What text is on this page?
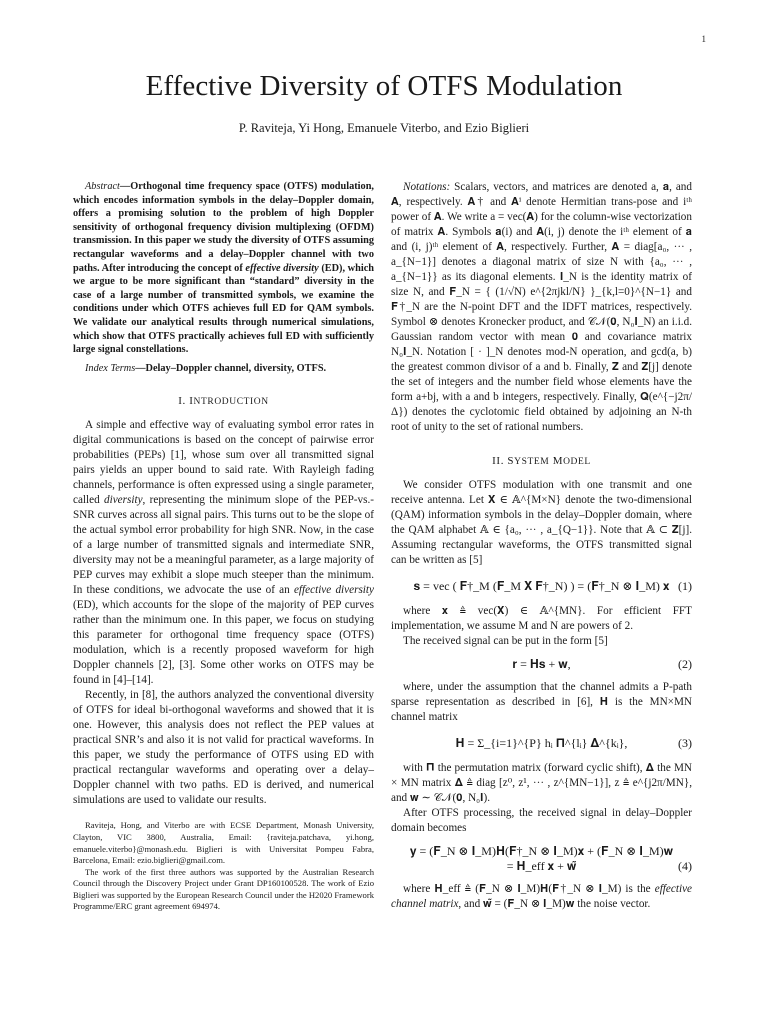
1
Effective Diversity of OTFS Modulation
P. Raviteja, Yi Hong, Emanuele Viterbo, and Ezio Biglieri

Abstract—Orthogonal time frequency space (OTFS) modulation, which encodes information symbols in the delay–Doppler domain, offers a promising solution to the problem of high Doppler sensitivity of orthogonal frequency division multiplexing (OFDM) transmission. In this paper we study the diversity of OTFS assuming rectangular waveforms and a delay–Doppler channel with two paths. After introducing the concept of effective diversity (ED), which we argue to be more significant than “standard” diversity in the case of a large number of transmitted symbols, we examine the conditions under which OTFS achieves full ED for QAM symbols. We validate our analytical results through numerical simulations, which show that OTFS practically achieves full ED with sufficiently large signal constellations.

Index Terms—Delay–Doppler channel, diversity, OTFS.

I. INTRODUCTION

A simple and effective way of evaluating symbol error rates in digital communications is based on the concept of pairwise error probabilities (PEPs) [1], whose sum over all transmitted signal pairs yields an upper bound to said rate. With Rayleigh fading channels, performance is often expressed using a single parameter, called diversity, representing the minimum slope of the PEP-vs.-SNR curves across all signal pairs. This turns out to be the slope of the actual symbol error probability for high SNR. Now, in the case of a large number of transmitted signals and intermediate SNR, diversity may not be a meaningful parameter, as a large majority of PEP curves may exhibit a slope much steeper than the minimum. In these conditions, we advocate the use of an effective diversity (ED), which accounts for the slope of the majority of PEP curves rather than the minimum one. In this paper, we focus on studying this parameter for orthogonal time frequency space (OTFS) modulation, which is a recently proposed waveform for high Doppler channels [2], [3]. Some other works on OTFS may be found in [4]–[14].

Recently, in [8], the authors analyzed the conventional diversity of OTFS for ideal bi-orthogonal waveforms and showed that it is one. However, this analysis does not reflect the PEP values at practical SNR’s and also it is not valid for practical waveforms. In this paper, we study the performance of OTFS using ED with practical rectangular waveforms and operating over a delay–Doppler channel with two paths. ED is derived, and numerical simulations are used to validate our results.

Raviteja, Hong, and Viterbo are with ECSE Department, Monash University, Clayton, VIC 3800, Australia, Email: {raviteja.patchava, yi.hong, emanuele.viterbo}@monash.edu. Biglieri is with Universitat Pompeu Fabra, Barcelona, Email: ezio.biglieri@gmail.com.

The work of the first three authors was supported by the Australian Research Council through the Discovery Project under Grant DP160100528. The work of Ezio Biglieri was supported by the European Research Council under the H2020 Framework Programme/ERC grant agreement 694974.

Notations: Scalars, vectors, and matrices are denoted a, 𝐚, and 𝐀, respectively. 𝐀† and 𝐀ⁱ denote Hermitian trans-pose and iᵗʰ power of 𝐀. We write a = vec(𝐀) for the column-wise vectorization of matrix 𝐀. Symbols 𝐚(i) and 𝐀(i, j) denote the iᵗʰ element of 𝐚 and (i, j)ᵗʰ element of 𝐀, respectively. Further, 𝐀 = diag[a₀, ··· , a_{N−1}] denotes a diagonal matrix of size N with {a₀, ··· , a_{N−1}} as its diagonal elements. 𝐈_N is the identity matrix of size N, and 𝐅_N = { (1/√N) e^{2πjkl/N} }_{k,l=0}^{N−1} and 𝐅†_N are the N-point DFT and the IDFT matrices, respectively. Symbol ⊗ denotes Kronecker product, and 𝒞𝒩(𝟎, N₀𝐈_N) an i.i.d. Gaussian random vector with mean 𝟎 and covariance matrix N₀𝐈_N. Notation [ · ]_N denotes mod-N operation, and gcd(a, b) the greatest common divisor of a and b. Finally, 𝐙 and 𝐙[j] denote the set of integers and the number field whose elements have the form a+bj, with a and b integers, respectively. Finally, 𝐐(e^{−j2π/Δ}) denotes the cyclotomic field obtained by adjoining an N-th root of unity to the set of rational numbers.

II. SYSTEM MODEL

We consider OTFS modulation with one transmit and one receive antenna. Let 𝐗 ∈ 𝔸^{M×N} denote the two-dimensional (QAM) information symbols in the delay–Doppler domain, where the QAM alphabet 𝔸 ∈ {a₀, ··· , a_{Q−1}}. Note that 𝔸 ⊂ 𝐙[j]. Assuming rectangular waveforms, the OTFS transmitted signal can be written as [5]

𝐬 = vec ( 𝐅†_M (𝐅_M 𝐗 𝐅†_N) ) = (𝐅†_N ⊗ 𝐈_M) 𝐱 (1)

where 𝐱 ≜ vec(𝐗) ∈ 𝔸^{MN}. For efficient FFT implementation, we assume M and N are powers of 2.

The received signal can be put in the form [5]

𝐫 = 𝐇𝐬 + 𝐰,	(2)

where, under the assumption that the channel admits a P-path sparse representation as described in [6], 𝐇 is the MN×MN channel matrix

𝐇 = Σ_{i=1}^{P} hᵢ 𝚷^{lᵢ} 𝚫^{kᵢ},	(3)

with 𝚷 the permutation matrix (forward cyclic shift), 𝚫 the MN × MN matrix 𝚫 ≜ diag [z⁰, z¹, ··· , z^{MN−1}], z ≜ e^{j2π/MN}, and 𝐰 ∼ 𝒞𝒩(𝟎, N₀𝐈).

After OTFS processing, the received signal in delay–Doppler domain becomes

𝐲 = (𝐅_N ⊗ 𝐈_M)𝐇(𝐅†_N ⊗ 𝐈_M)𝐱 + (𝐅_N ⊗ 𝐈_M)𝐰
= 𝐇_eff 𝐱 + 𝐰̃	(4)

where 𝐇_eff ≜ (𝐅_N ⊗ 𝐈_M)𝐇(𝐅†_N ⊗ 𝐈_M) is the effective channel matrix, and 𝐰̃ = (𝐅_N ⊗ 𝐈_M)𝐰 the noise vector.
